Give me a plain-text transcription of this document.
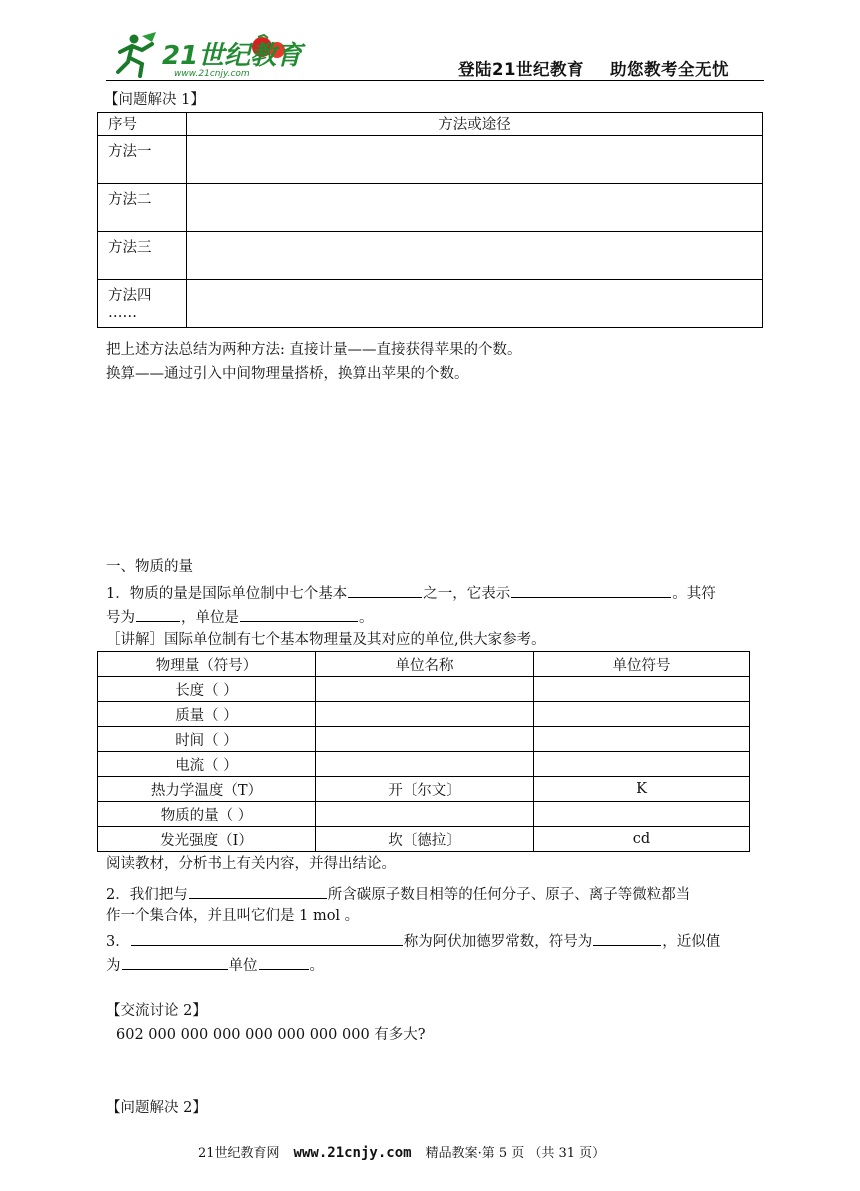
21世纪教育
www.21cnjy.com	登陆21世纪教育 助您教考全无忧
【问题解决 1】
序号	方法或途径
方法一	
方法二	
方法三	

方法四
……	

把上述方法总结为两种方法: 直接计量——直接获得苹果的个数。
换算——通过引入中间物理量搭桥，换算出苹果的个数。
一、物质的量
1．物质的量是国际单位制中七个基本	之一，它表示	。其符
号为	，单位是	。
［讲解］国际单位制有七个基本物理量及其对应的单位,供大家参考。
物理量（符号）	单位名称	单位符号
长度（ ）		
质量（ ）		
时间（ ）		
电流（ ）		
热力学温度（T）	开〔尔文〕	K
物质的量（ ）		
发光强度（I）	坎〔德拉〕	cd
阅读教材，分析书上有关内容，并得出结论。
2．我们把与	所含碳原子数目相等的任何分子、原子、离子等微粒都当
作一个集合体，并且叫它们是 1 mol 。
3．	称为阿伏加德罗常数，符号为	，近似值
为	单位	。
【交流讨论 2】
602 000 000 000 000 000 000 000 有多大?
【问题解决 2】
21世纪教育网 www.21cnjy.com 精品教案·第 5 页 （共 31 页）
